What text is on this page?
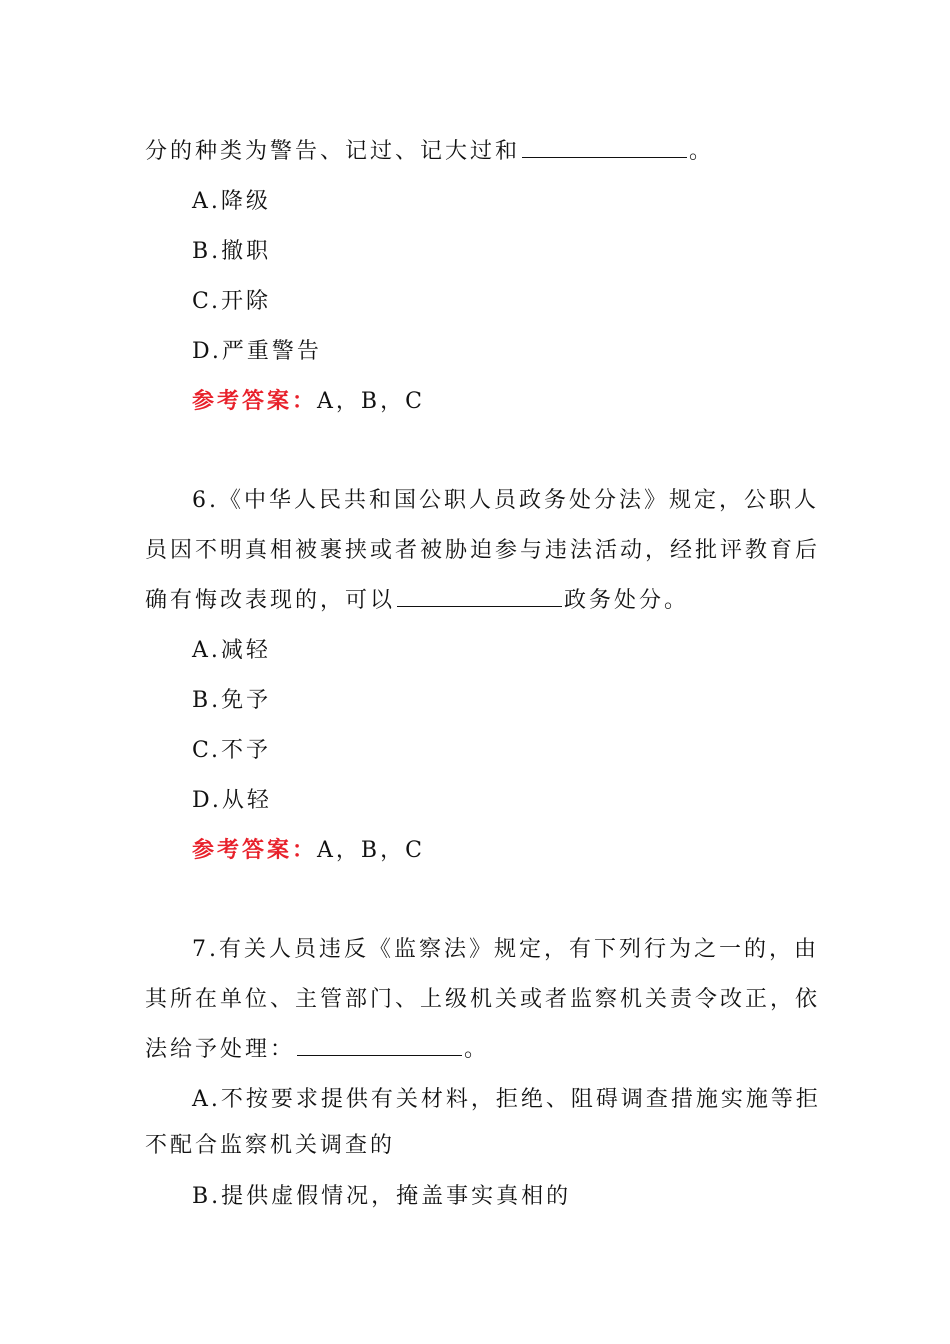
分的种类为警告、记过、记大过和	。
A.降级
B.撤职
C.开除
D.严重警告
参考答案：A，B，C
6.《中华人民共和国公职人员政务处分法》规定，公职人
员因不明真相被裹挟或者被胁迫参与违法活动，经批评教育后
确有悔改表现的，可以	政务处分。
A.减轻
B.免予
C.不予
D.从轻
参考答案：A，B，C
7.有关人员违反《监察法》规定，有下列行为之一的，由
其所在单位、主管部门、上级机关或者监察机关责令改正，依
法给予处理：	。
A.不按要求提供有关材料，拒绝、阻碍调查措施实施等拒
不配合监察机关调查的
B.提供虚假情况，掩盖事实真相的
